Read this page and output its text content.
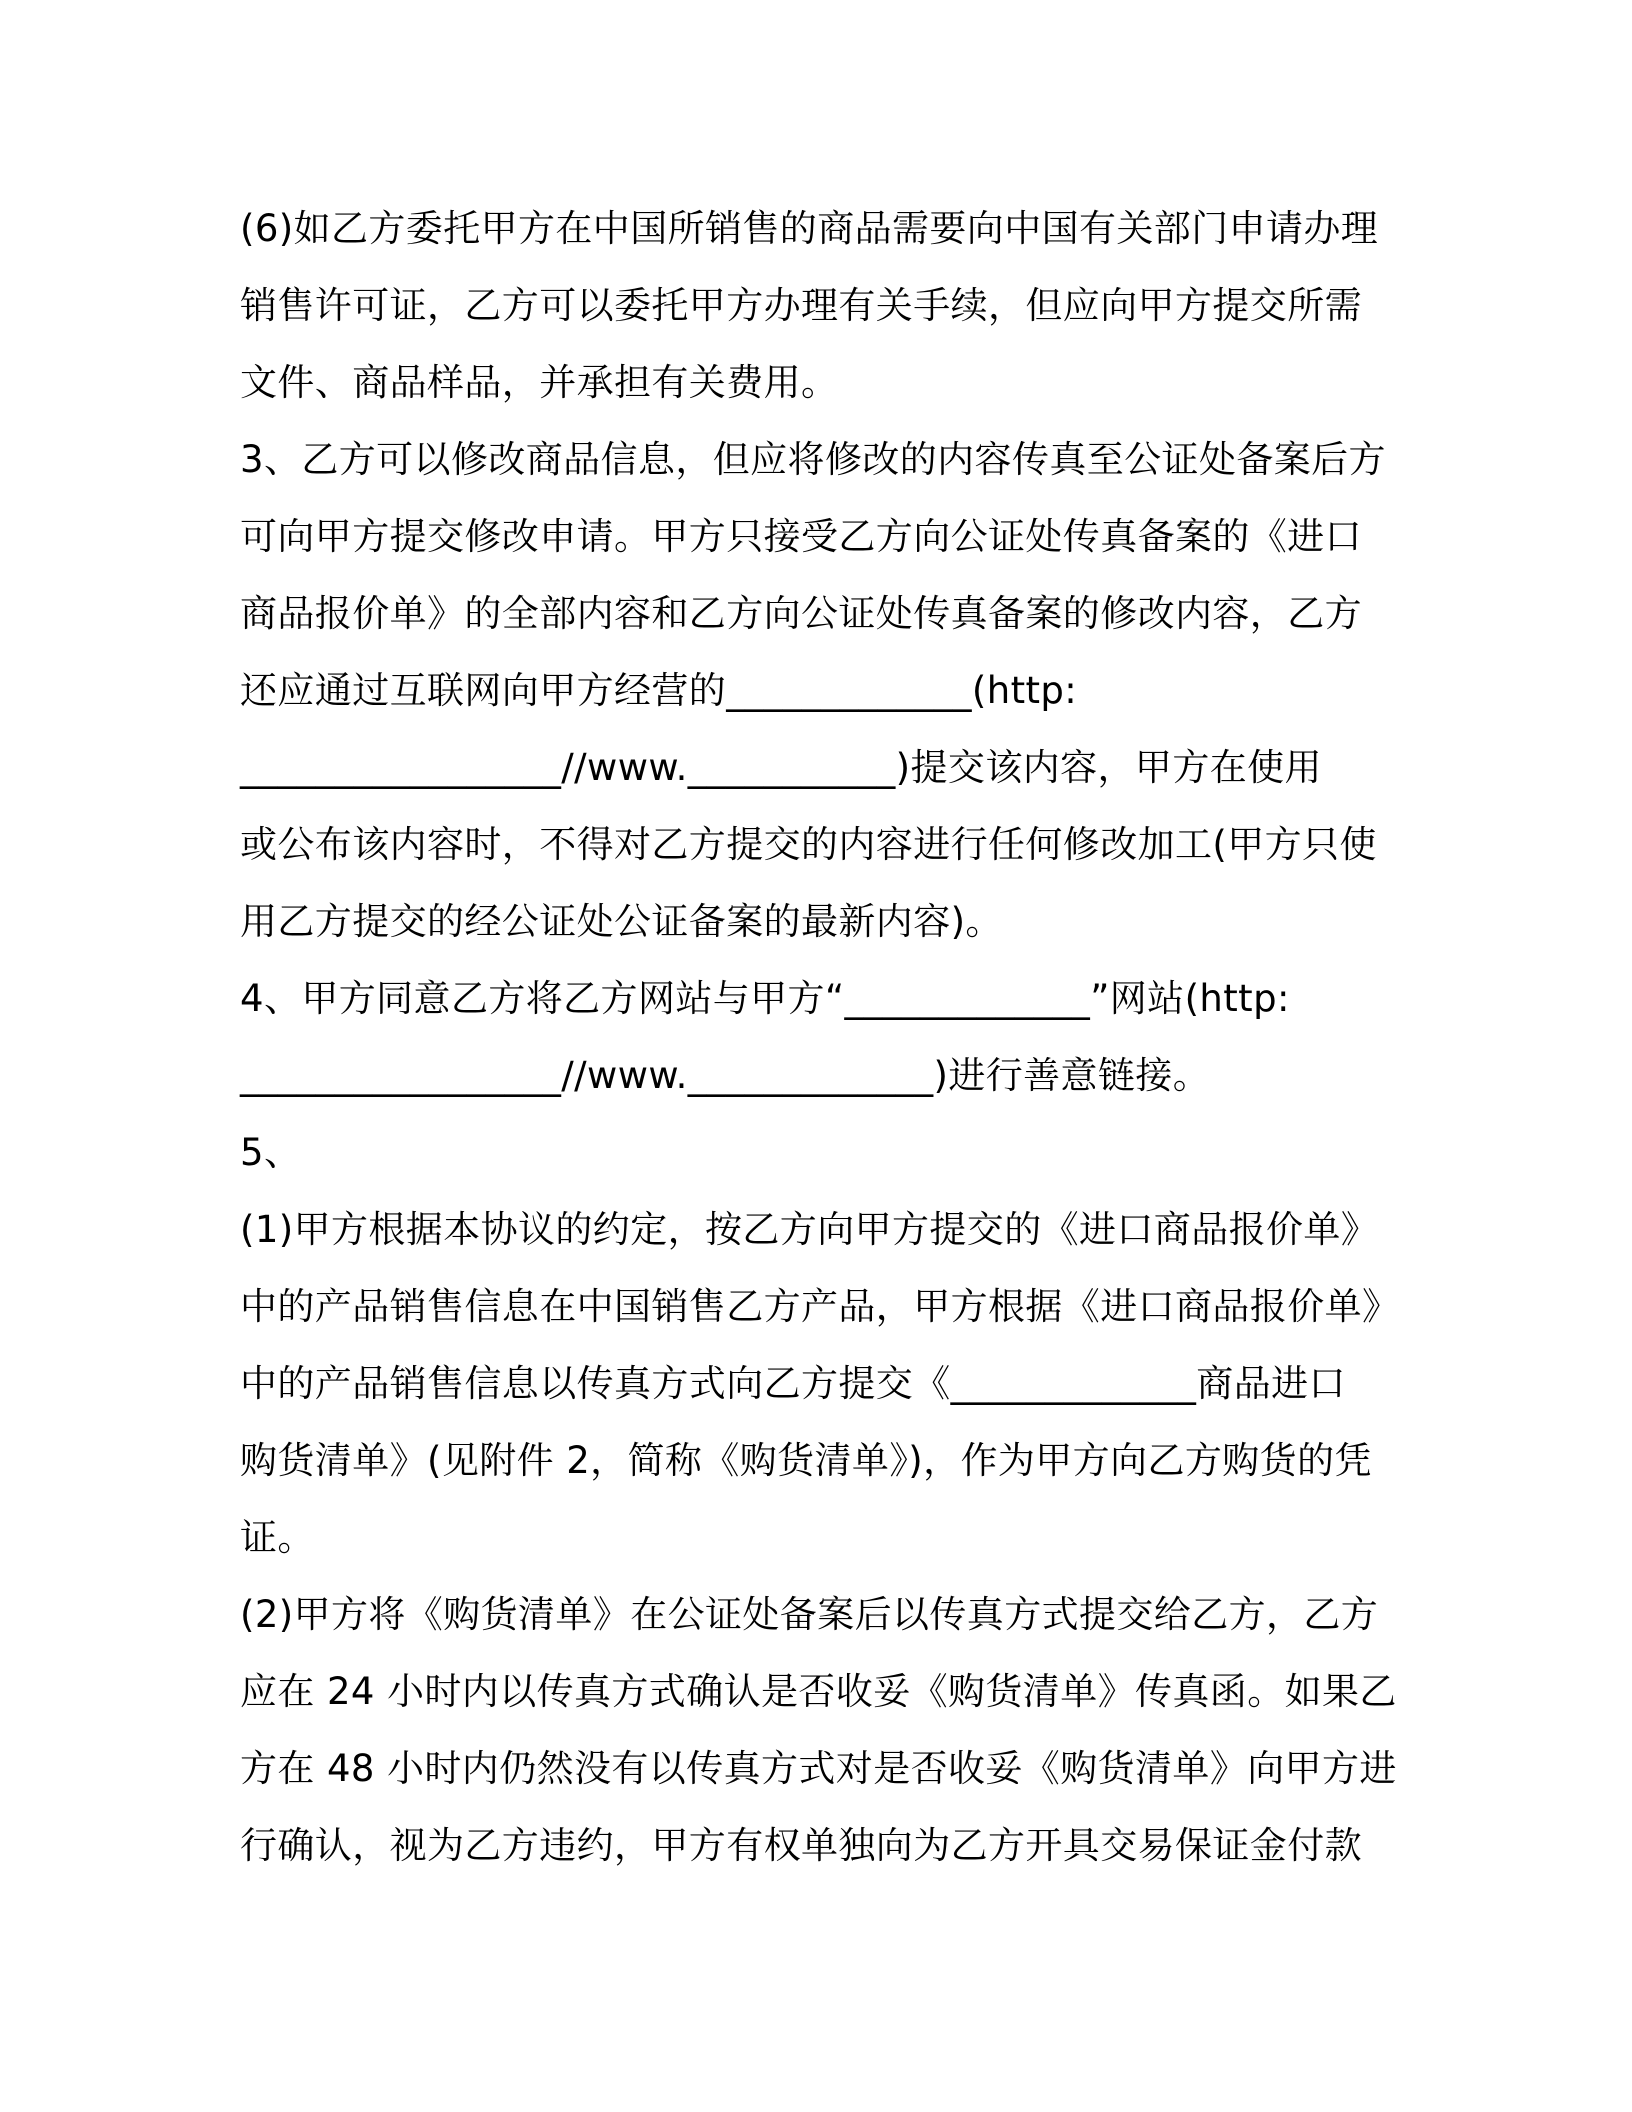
(6)如乙方委托甲方在中国所销售的商品需要向中国有关部门申请办理
销售许可证，乙方可以委托甲方办理有关手续，但应向甲方提交所需
文件、商品样品，并承担有关费用。
3、乙方可以修改商品信息，但应将修改的内容传真至公证处备案后方
可向甲方提交修改申请。甲方只接受乙方向公证处传真备案的《进口
商品报价单》的全部内容和乙方向公证处传真备案的修改内容，乙方
还应通过互联网向甲方经营的_____________(http:
_________________//www.___________)提交该内容，甲方在使用
或公布该内容时，不得对乙方提交的内容进行任何修改加工(甲方只使
用乙方提交的经公证处公证备案的最新内容)。
4、甲方同意乙方将乙方网站与甲方“_____________”网站(http:
_________________//www._____________)进行善意链接。
5、
(1)甲方根据本协议的约定，按乙方向甲方提交的《进口商品报价单》
中的产品销售信息在中国销售乙方产品，甲方根据《进口商品报价单》
中的产品销售信息以传真方式向乙方提交《_____________商品进口
购货清单》(见附件 2，简称《购货清单》)，作为甲方向乙方购货的凭
证。
(2)甲方将《购货清单》在公证处备案后以传真方式提交给乙方，乙方
应在 24 小时内以传真方式确认是否收妥《购货清单》传真函。如果乙
方在 48 小时内仍然没有以传真方式对是否收妥《购货清单》向甲方进
行确认，视为乙方违约，甲方有权单独向为乙方开具交易保证金付款
